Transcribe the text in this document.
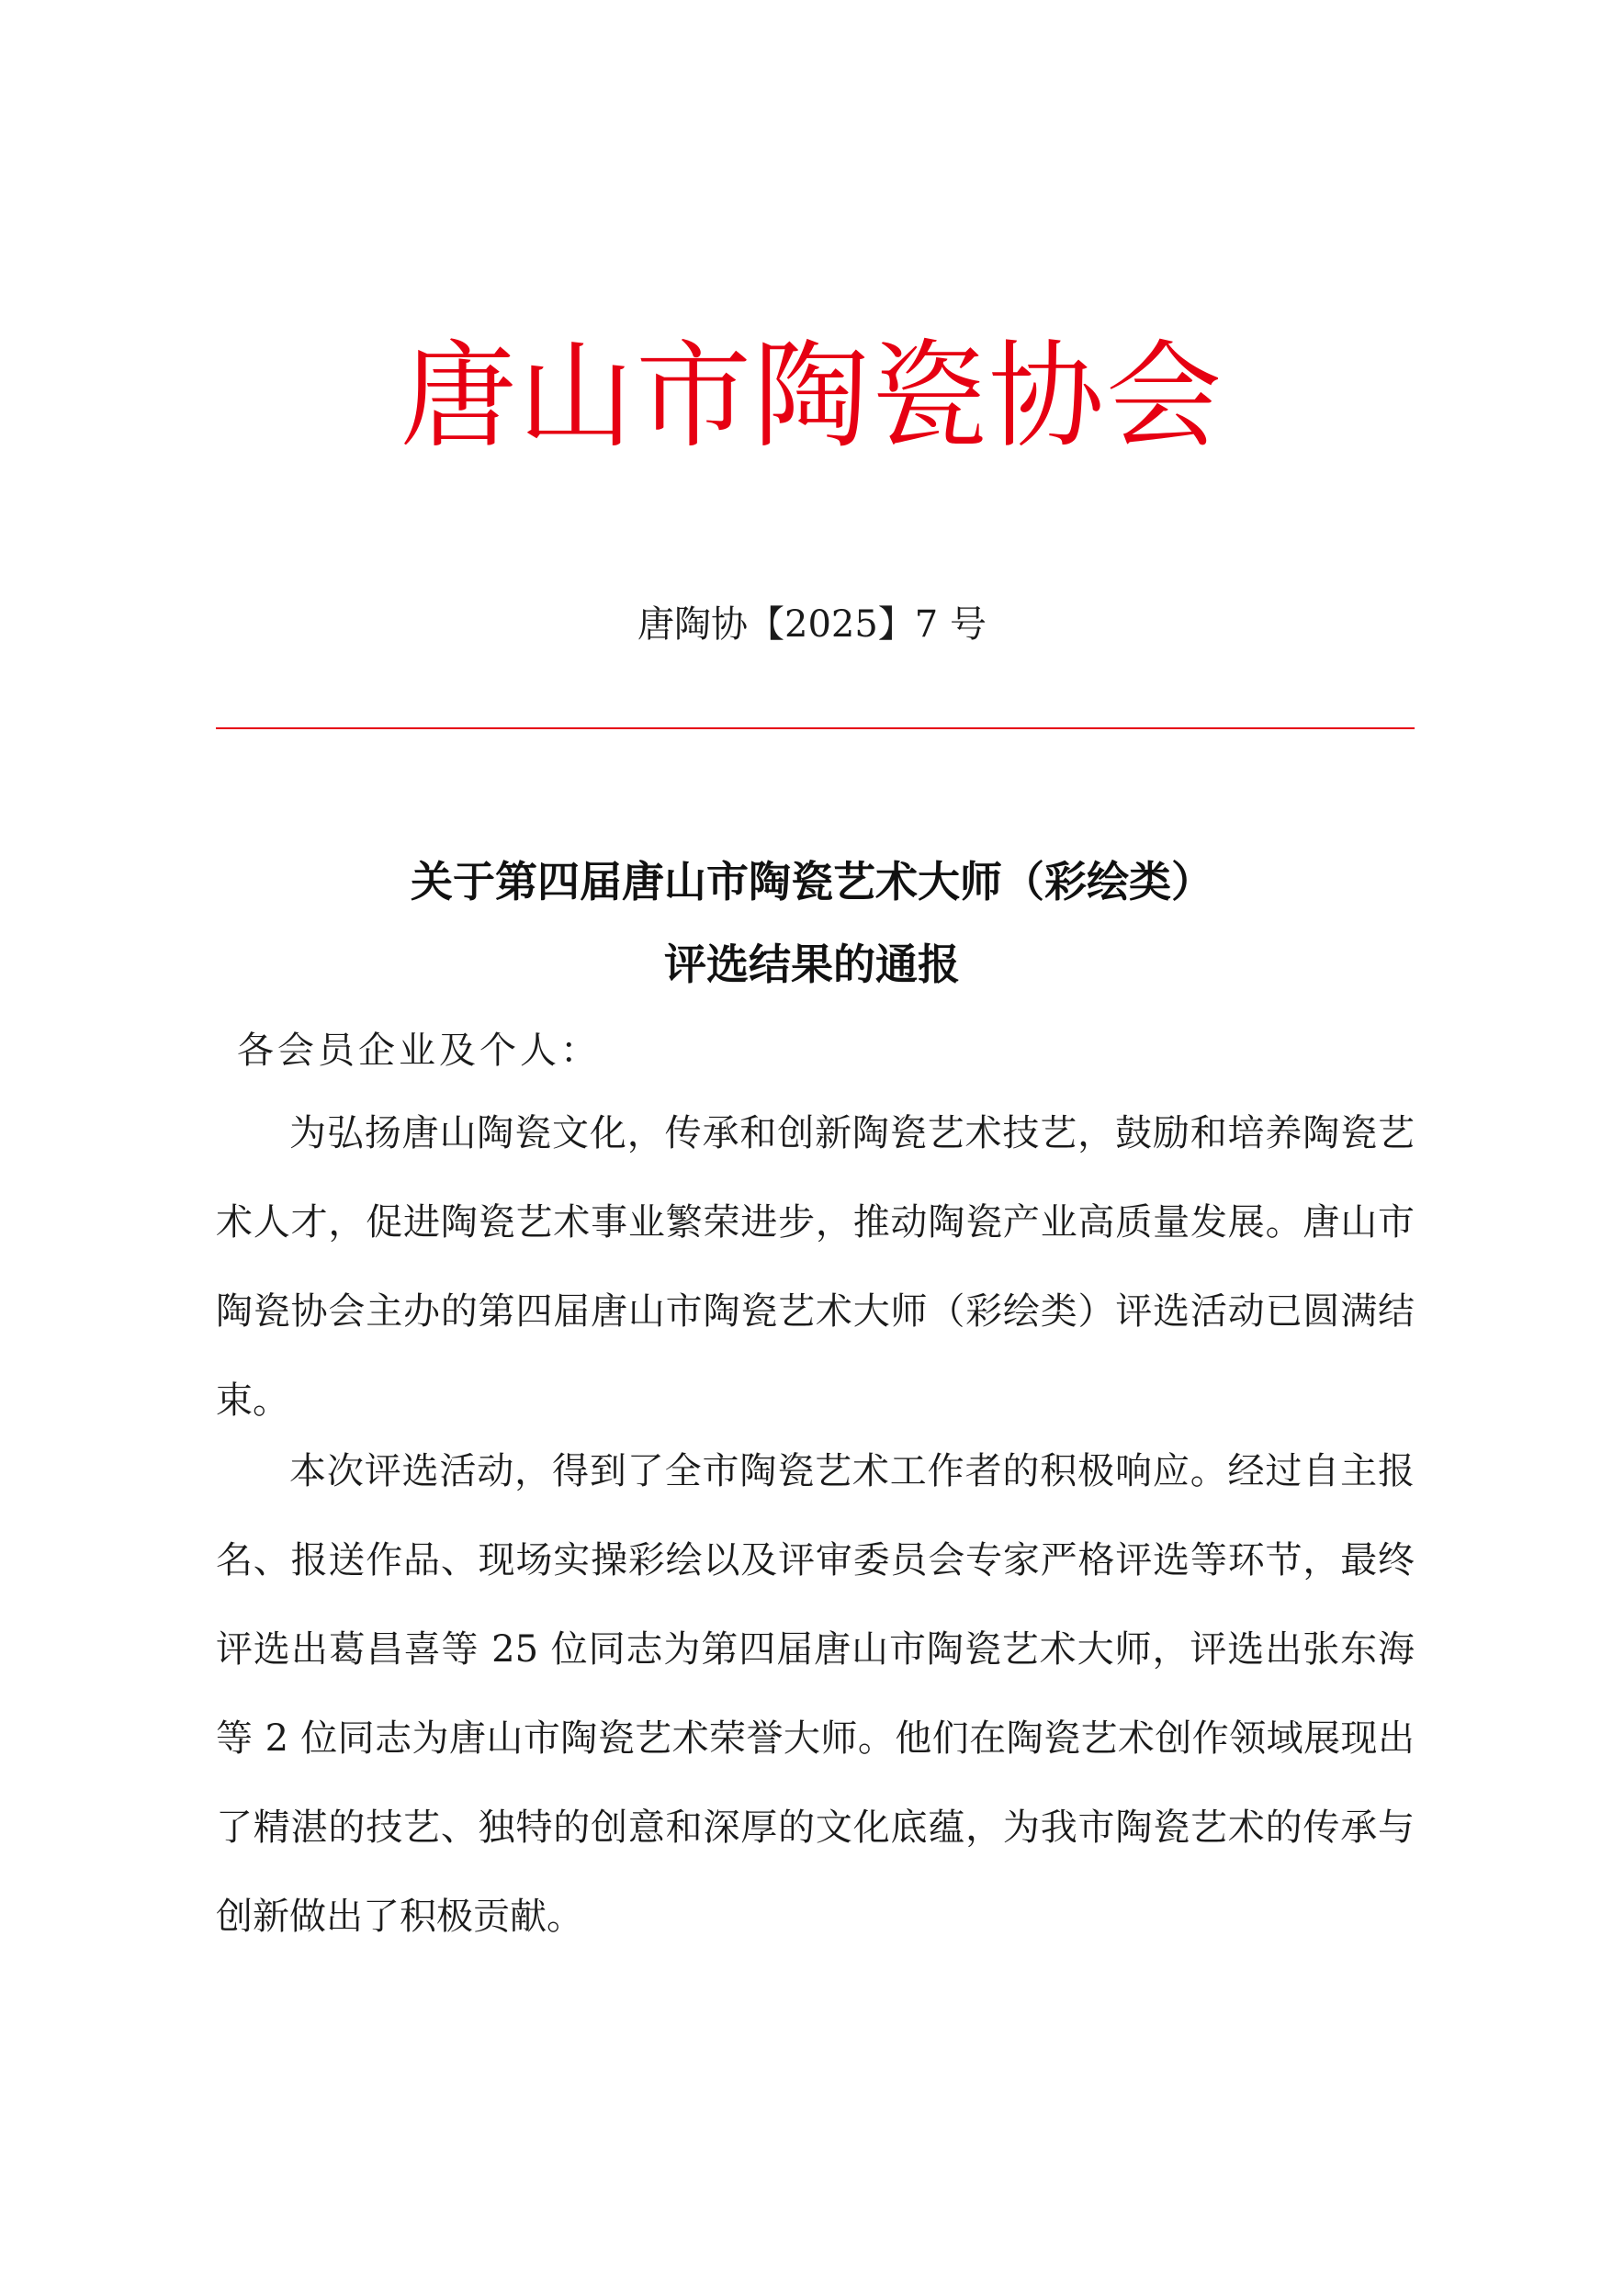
唐山市陶瓷协会
唐陶协【2025】7 号
关于第四届唐山市陶瓷艺术大师（彩绘类）
评选结果的通报
各会员企业及个人：

为弘扬唐山陶瓷文化，传承和创新陶瓷艺术技艺，鼓励和培养陶瓷艺术人才，促进陶瓷艺术事业繁荣进步，推动陶瓷产业高质量发展。唐山市陶瓷协会主办的第四届唐山市陶瓷艺术大师（彩绘类）评选活动已圆满结束。

本次评选活动，得到了全市陶瓷艺术工作者的积极响应。经过自主报名、报送作品、现场实操彩绘以及评审委员会专家严格评选等环节，最终评选出葛昌喜等 25 位同志为第四届唐山市陶瓷艺术大师，评选出张东海等 2 位同志为唐山市陶瓷艺术荣誉大师。他们在陶瓷艺术创作领域展现出了精湛的技艺、独特的创意和深厚的文化底蕴，为我市陶瓷艺术的传承与创新做出了积极贡献。
